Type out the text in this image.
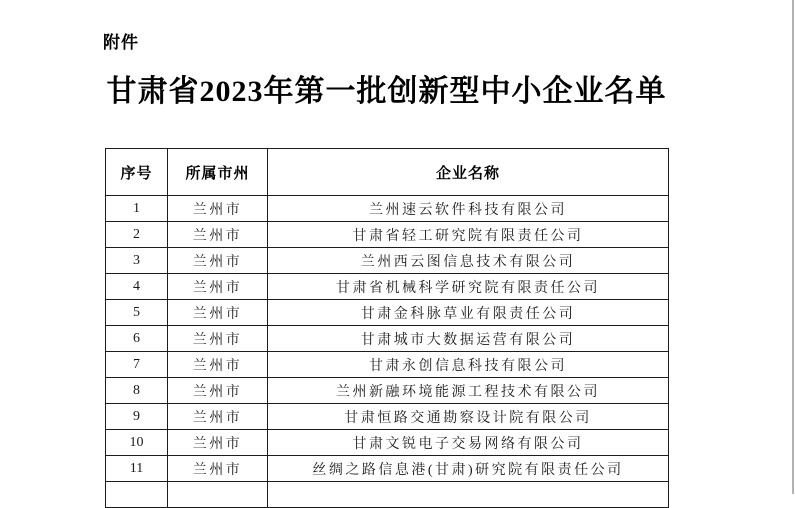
附件
甘肃省2023年第一批创新型中小企业名单
序号	所属市州	企业名称
1	兰州市	兰州速云软件科技有限公司
2	兰州市	甘肃省轻工研究院有限责任公司
3	兰州市	兰州西云图信息技术有限公司
4	兰州市	甘肃省机械科学研究院有限责任公司
5	兰州市	甘肃金科脉草业有限责任公司
6	兰州市	甘肃城市大数据运营有限公司
7	兰州市	甘肃永创信息科技有限公司
8	兰州市	兰州新融环境能源工程技术有限公司
9	兰州市	甘肃恒路交通勘察设计院有限公司
10	兰州市	甘肃文锐电子交易网络有限公司
11	兰州市	丝绸之路信息港(甘肃)研究院有限责任公司
